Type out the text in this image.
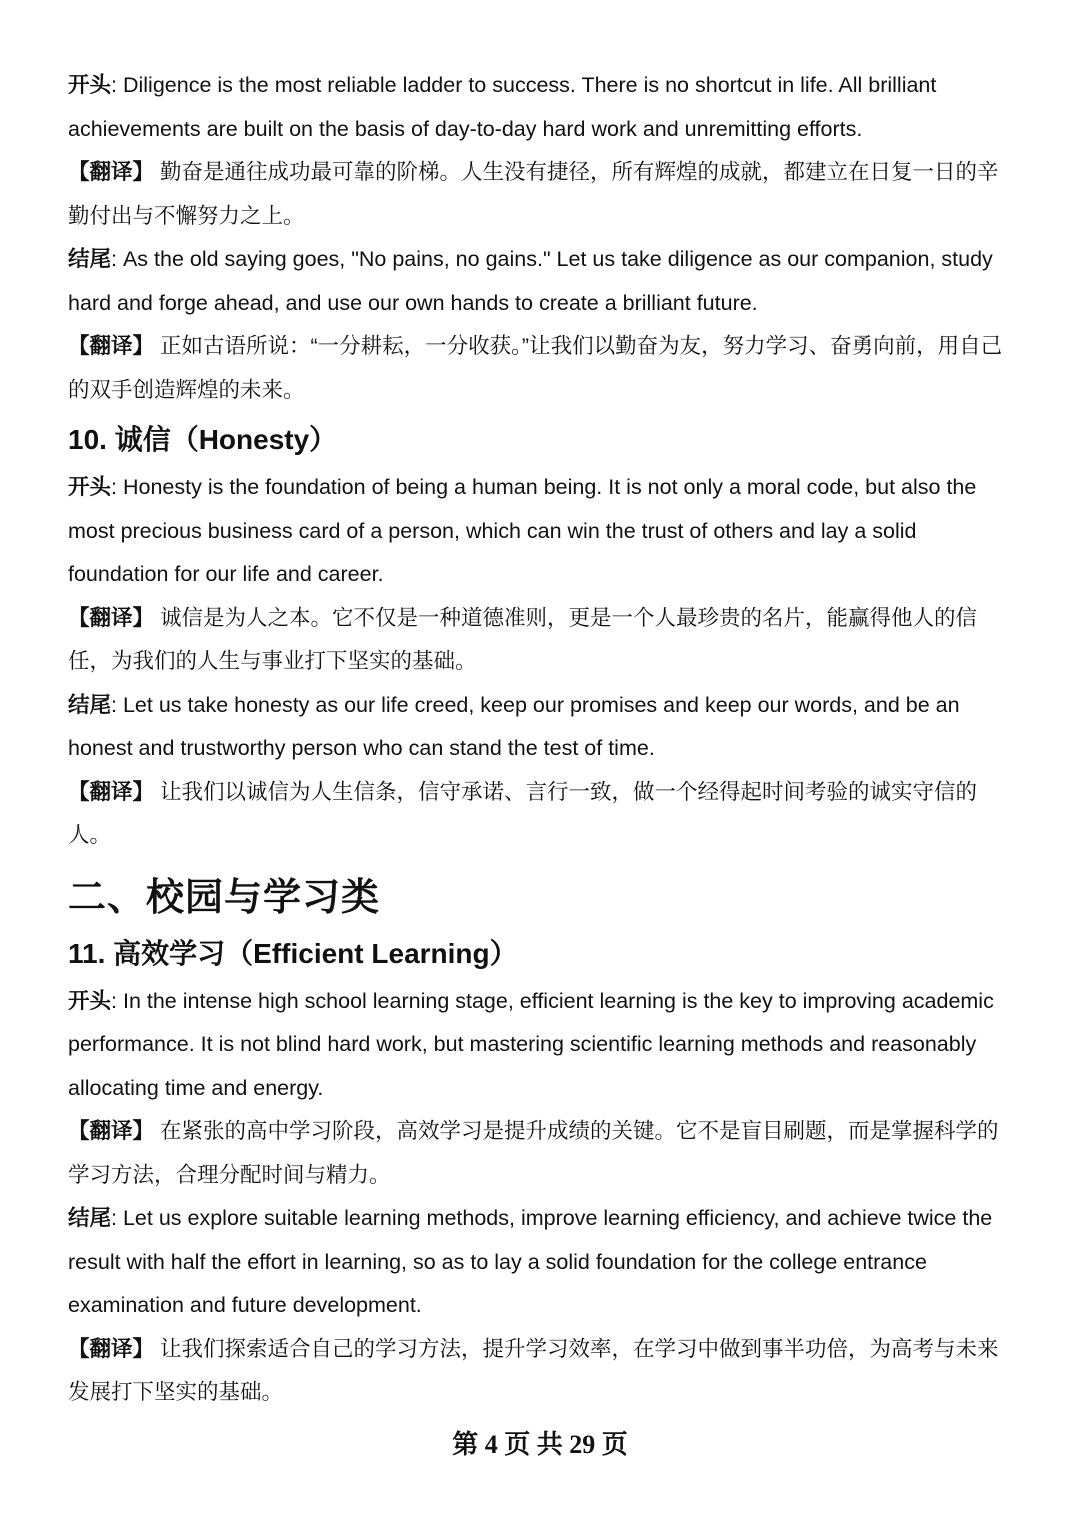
开头: Diligence is the most reliable ladder to success. There is no shortcut in life. All brilliant achievements are built on the basis of day-to-day hard work and unremitting efforts.

【翻译】 勤奋是通往成功最可靠的阶梯。人生没有捷径，所有辉煌的成就，都建立在日复一日的辛勤付出与不懈努力之上。

结尾: As the old saying goes, "No pains, no gains." Let us take diligence as our companion, study hard and forge ahead, and use our own hands to create a brilliant future.

【翻译】 正如古语所说：“一分耕耘，一分收获。”让我们以勤奋为友，努力学习、奋勇向前，用自己的双手创造辉煌的未来。

10. 诚信（Honesty）

开头: Honesty is the foundation of being a human being. It is not only a moral code, but also the most precious business card of a person, which can win the trust of others and lay a solid foundation for our life and career.

【翻译】 诚信是为人之本。它不仅是一种道德准则，更是一个人最珍贵的名片，能赢得他人的信任，为我们的人生与事业打下坚实的基础。

结尾: Let us take honesty as our life creed, keep our promises and keep our words, and be an honest and trustworthy person who can stand the test of time.

【翻译】 让我们以诚信为人生信条，信守承诺、言行一致，做一个经得起时间考验的诚实守信的人。

二、校园与学习类
11. 高效学习（Efficient Learning）

开头: In the intense high school learning stage, efficient learning is the key to improving academic performance. It is not blind hard work, but mastering scientific learning methods and reasonably allocating time and energy.

【翻译】 在紧张的高中学习阶段，高效学习是提升成绩的关键。它不是盲目刷题，而是掌握科学的学习方法，合理分配时间与精力。

结尾: Let us explore suitable learning methods, improve learning efficiency, and achieve twice the result with half the effort in learning, so as to lay a solid foundation for the college entrance examination and future development.

【翻译】 让我们探索适合自己的学习方法，提升学习效率，在学习中做到事半功倍，为高考与未来发展打下坚实的基础。

第 4 页 共 29 页
